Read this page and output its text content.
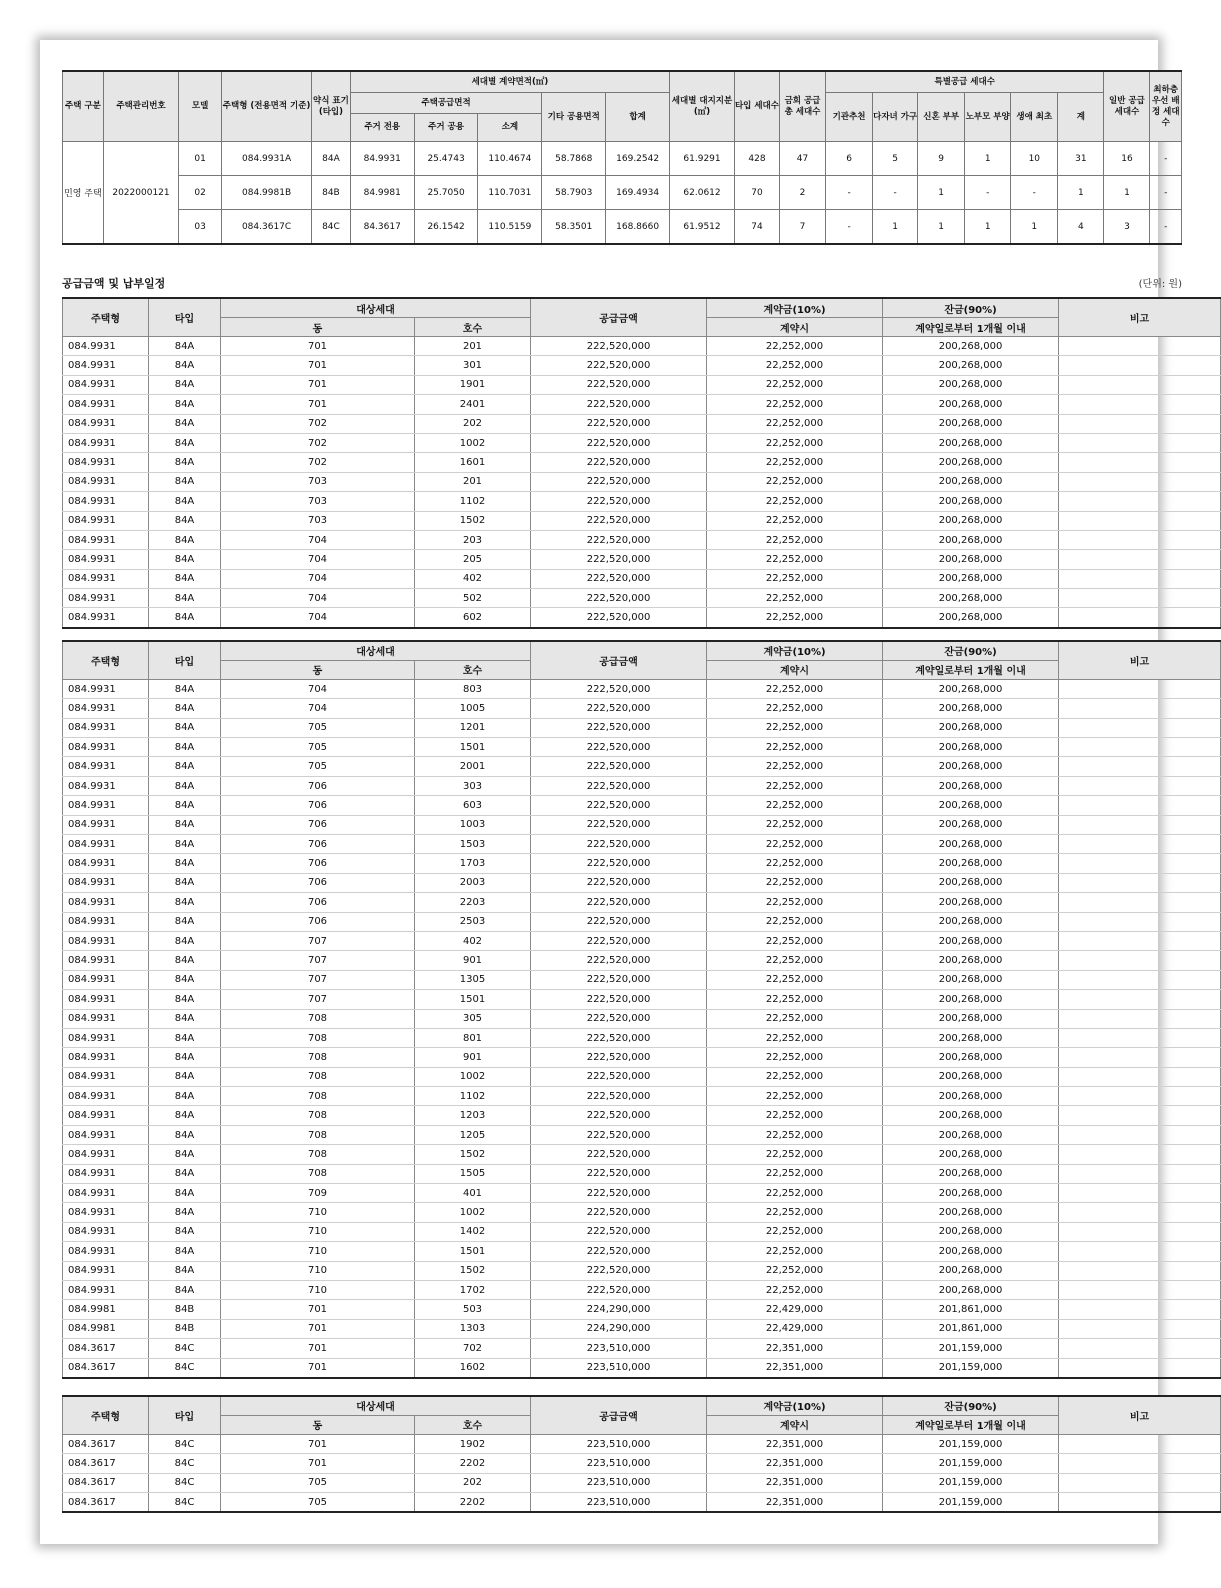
주택 구분	주택관리번호	모델	주택형 (전용면적 기준)	약식 표기 (타입)	세대별 계약면적(㎡)					세대별 대지지분 (㎡)	타입 세대수	금회 공급 총 세대수	특별공급 세대수						일반 공급 세대수	최하층 우선 배정 세대수
					주택공급면적			기타 공용면적	합계				기관추천	다자녀 가구	신혼 부부	노부모 부양	생애 최초	계		
					주거 전용	주거 공용	소계													
민영 주택	2022000121	01	084.9931A	84A	84.9931	25.4743	110.4674	58.7868	169.2542	61.9291	428	47	6	5	9	1	10	31	16	-
		02	084.9981B	84B	84.9981	25.7050	110.7031	58.7903	169.4934	62.0612	70	2	-	-	1	-	-	1	1	-
		03	084.3617C	84C	84.3617	26.1542	110.5159	58.3501	168.8660	61.9512	74	7	-	1	1	1	1	4	3	-
공급금액 및 납부일정	(단위: 원)
주택형	타입	대상세대		공급금액	계약금(10%)	잔금(90%)	비고
		동	호수		계약시	계약일로부터 1개월 이내	
084.9931	84A	701	201	222,520,000	22,252,000	200,268,000	
084.9931	84A	701	301	222,520,000	22,252,000	200,268,000	
084.9931	84A	701	1901	222,520,000	22,252,000	200,268,000	
084.9931	84A	701	2401	222,520,000	22,252,000	200,268,000	
084.9931	84A	702	202	222,520,000	22,252,000	200,268,000	
084.9931	84A	702	1002	222,520,000	22,252,000	200,268,000	
084.9931	84A	702	1601	222,520,000	22,252,000	200,268,000	
084.9931	84A	703	201	222,520,000	22,252,000	200,268,000	
084.9931	84A	703	1102	222,520,000	22,252,000	200,268,000	
084.9931	84A	703	1502	222,520,000	22,252,000	200,268,000	
084.9931	84A	704	203	222,520,000	22,252,000	200,268,000	
084.9931	84A	704	205	222,520,000	22,252,000	200,268,000	
084.9931	84A	704	402	222,520,000	22,252,000	200,268,000	
084.9931	84A	704	502	222,520,000	22,252,000	200,268,000	
084.9931	84A	704	602	222,520,000	22,252,000	200,268,000	
주택형	타입	대상세대		공급금액	계약금(10%)	잔금(90%)	비고
		동	호수		계약시	계약일로부터 1개월 이내	
084.9931	84A	704	803	222,520,000	22,252,000	200,268,000	
084.9931	84A	704	1005	222,520,000	22,252,000	200,268,000	
084.9931	84A	705	1201	222,520,000	22,252,000	200,268,000	
084.9931	84A	705	1501	222,520,000	22,252,000	200,268,000	
084.9931	84A	705	2001	222,520,000	22,252,000	200,268,000	
084.9931	84A	706	303	222,520,000	22,252,000	200,268,000	
084.9931	84A	706	603	222,520,000	22,252,000	200,268,000	
084.9931	84A	706	1003	222,520,000	22,252,000	200,268,000	
084.9931	84A	706	1503	222,520,000	22,252,000	200,268,000	
084.9931	84A	706	1703	222,520,000	22,252,000	200,268,000	
084.9931	84A	706	2003	222,520,000	22,252,000	200,268,000	
084.9931	84A	706	2203	222,520,000	22,252,000	200,268,000	
084.9931	84A	706	2503	222,520,000	22,252,000	200,268,000	
084.9931	84A	707	402	222,520,000	22,252,000	200,268,000	
084.9931	84A	707	901	222,520,000	22,252,000	200,268,000	
084.9931	84A	707	1305	222,520,000	22,252,000	200,268,000	
084.9931	84A	707	1501	222,520,000	22,252,000	200,268,000	
084.9931	84A	708	305	222,520,000	22,252,000	200,268,000	
084.9931	84A	708	801	222,520,000	22,252,000	200,268,000	
084.9931	84A	708	901	222,520,000	22,252,000	200,268,000	
084.9931	84A	708	1002	222,520,000	22,252,000	200,268,000	
084.9931	84A	708	1102	222,520,000	22,252,000	200,268,000	
084.9931	84A	708	1203	222,520,000	22,252,000	200,268,000	
084.9931	84A	708	1205	222,520,000	22,252,000	200,268,000	
084.9931	84A	708	1502	222,520,000	22,252,000	200,268,000	
084.9931	84A	708	1505	222,520,000	22,252,000	200,268,000	
084.9931	84A	709	401	222,520,000	22,252,000	200,268,000	
084.9931	84A	710	1002	222,520,000	22,252,000	200,268,000	
084.9931	84A	710	1402	222,520,000	22,252,000	200,268,000	
084.9931	84A	710	1501	222,520,000	22,252,000	200,268,000	
084.9931	84A	710	1502	222,520,000	22,252,000	200,268,000	
084.9931	84A	710	1702	222,520,000	22,252,000	200,268,000	
084.9981	84B	701	503	224,290,000	22,429,000	201,861,000	
084.9981	84B	701	1303	224,290,000	22,429,000	201,861,000	
084.3617	84C	701	702	223,510,000	22,351,000	201,159,000	
084.3617	84C	701	1602	223,510,000	22,351,000	201,159,000	
주택형	타입	대상세대		공급금액	계약금(10%)	잔금(90%)	비고
		동	호수		계약시	계약일로부터 1개월 이내	
084.3617	84C	701	1902	223,510,000	22,351,000	201,159,000	
084.3617	84C	701	2202	223,510,000	22,351,000	201,159,000	
084.3617	84C	705	202	223,510,000	22,351,000	201,159,000	
084.3617	84C	705	2202	223,510,000	22,351,000	201,159,000	
